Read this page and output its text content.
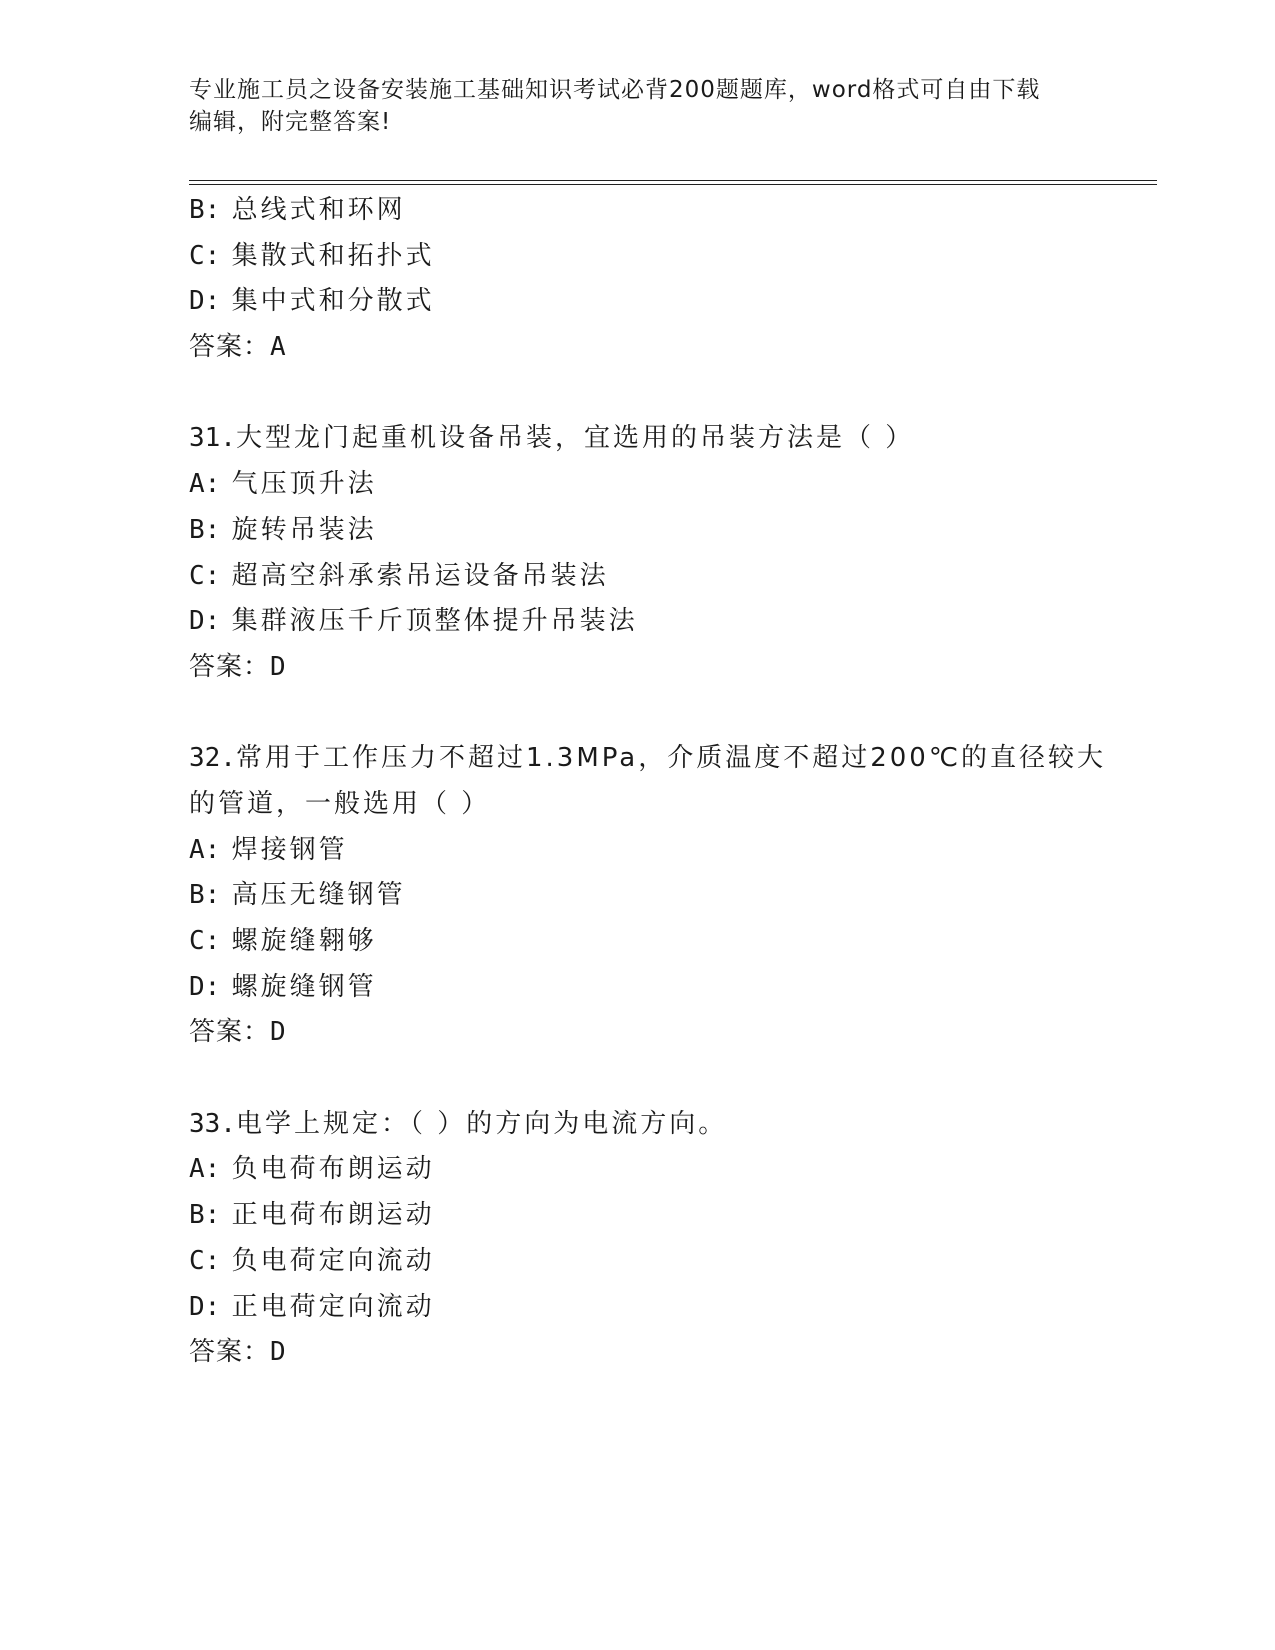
专业施工员之设备安装施工基础知识考试必背200题题库，word格式可自由下载
编辑，附完整答案!
B: 总线式和环网
C: 集散式和拓扑式
D: 集中式和分散式
答案：A
31.大型龙门起重机设备吊装，宜选用的吊装方法是（ ）
A: 气压顶升法
B: 旋转吊装法
C: 超高空斜承索吊运设备吊装法
D: 集群液压千斤顶整体提升吊装法
答案：D
32.常用于工作压力不超过1.3MPa，介质温度不超过200℃的直径较大
的管道，一般选用（ ）
A: 焊接钢管
B: 高压无缝钢管
C: 螺旋缝翱够
D: 螺旋缝钢管
答案：D
33.电学上规定：（ ）的方向为电流方向。
A: 负电荷布朗运动
B: 正电荷布朗运动
C: 负电荷定向流动
D: 正电荷定向流动
答案：D
